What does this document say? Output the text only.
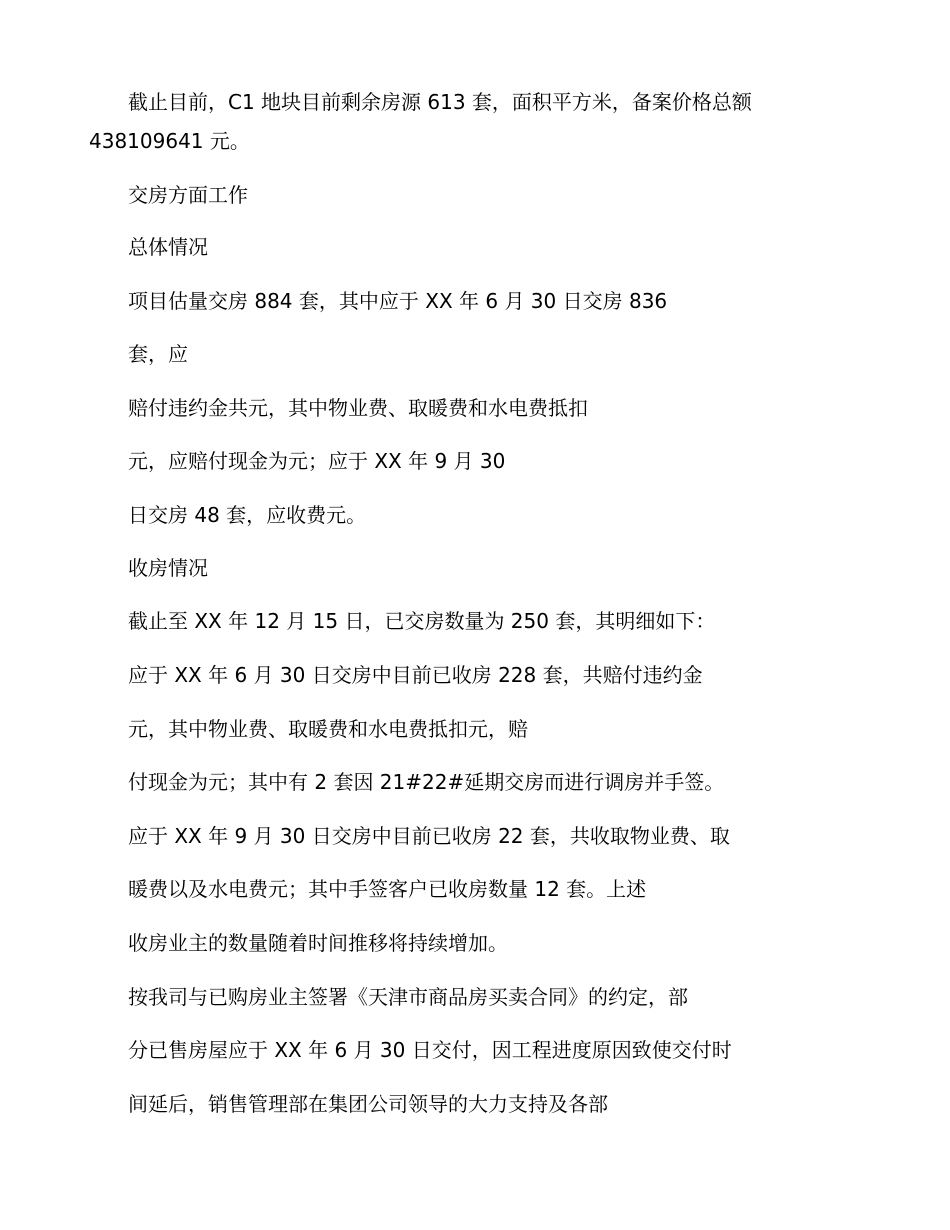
截止目前，C1 地块目前剩余房源 613 套，面积平方米，备案价格总额
438109641 元。
交房方面工作
总体情况
项目估量交房 884 套，其中应于 XX 年 6 月 30 日交房 836
套，应
赔付违约金共元，其中物业费、取暖费和水电费抵扣
元，应赔付现金为元；应于 XX 年 9 月 30
日交房 48 套，应收费元。
收房情况
截止至 XX 年 12 月 15 日，已交房数量为 250 套，其明细如下：
应于 XX 年 6 月 30 日交房中目前已收房 228 套，共赔付违约金
元，其中物业费、取暖费和水电费抵扣元，赔
付现金为元；其中有 2 套因 21#22#延期交房而进行调房并手签。
应于 XX 年 9 月 30 日交房中目前已收房 22 套，共收取物业费、取
暖费以及水电费元；其中手签客户已收房数量 12 套。上述
收房业主的数量随着时间推移将持续增加。
按我司与已购房业主签署《天津市商品房买卖合同》的约定，部
分已售房屋应于 XX 年 6 月 30 日交付，因工程进度原因致使交付时
间延后，销售管理部在集团公司领导的大力支持及各部
